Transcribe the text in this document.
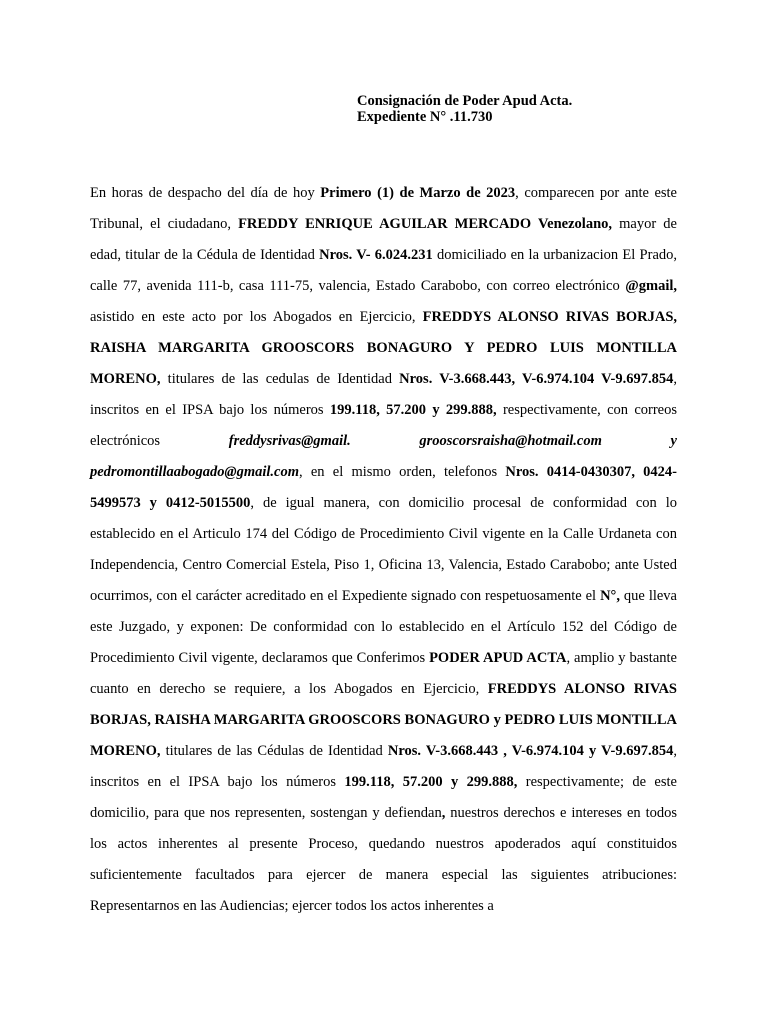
Consignación de Poder Apud Acta.
Expediente N° .11.730

En horas de despacho del día de hoy Primero (1) de Marzo de 2023, comparecen por ante este Tribunal, el ciudadano, FREDDY ENRIQUE AGUILAR MERCADO Venezolano, mayor de edad, titular de la Cédula de Identidad Nros. V- 6.024.231 domiciliado en la urbanizacion El Prado, calle 77, avenida 111-b, casa 111-75, valencia, Estado Carabobo, con correo electrónico @gmail, asistido en este acto por los Abogados en Ejercicio, FREDDYS ALONSO RIVAS BORJAS, RAISHA MARGARITA GROOSCORS BONAGURO Y PEDRO LUIS MONTILLA MORENO, titulares de las cedulas de Identidad Nros. V-3.668.443, V-6.974.104 V-9.697.854, inscritos en el IPSA bajo los números 199.118, 57.200 y 299.888, respectivamente, con correos electrónicos freddysrivas@gmail. grooscorsraisha@hotmail.com y pedromontillaabogado@gmail.com, en el mismo orden, telefonos Nros. 0414-0430307, 0424-5499573 y 0412-5015500, de igual manera, con domicilio procesal de conformidad con lo establecido en el Articulo 174 del Código de Procedimiento Civil vigente en la Calle Urdaneta con Independencia, Centro Comercial Estela, Piso 1, Oficina 13, Valencia, Estado Carabobo; ante Usted ocurrimos, con el carácter acreditado en el Expediente signado con respetuosamente el N°, que lleva este Juzgado, y exponen: De conformidad con lo establecido en el Artículo 152 del Código de Procedimiento Civil vigente, declaramos que Conferimos PODER APUD ACTA, amplio y bastante cuanto en derecho se requiere, a los Abogados en Ejercicio, FREDDYS ALONSO RIVAS BORJAS, RAISHA MARGARITA GROOSCORS BONAGURO y PEDRO LUIS MONTILLA MORENO, titulares de las Cédulas de Identidad Nros. V-3.668.443 , V-6.974.104 y V-9.697.854, inscritos en el IPSA bajo los números 199.118, 57.200 y 299.888, respectivamente; de este domicilio, para que nos representen, sostengan y defiendan, nuestros derechos e intereses en todos los actos inherentes al presente Proceso, quedando nuestros apoderados aquí constituidos suficientemente facultados para ejercer de manera especial las siguientes atribuciones: Representarnos en las Audiencias; ejercer todos los actos inherentes a
